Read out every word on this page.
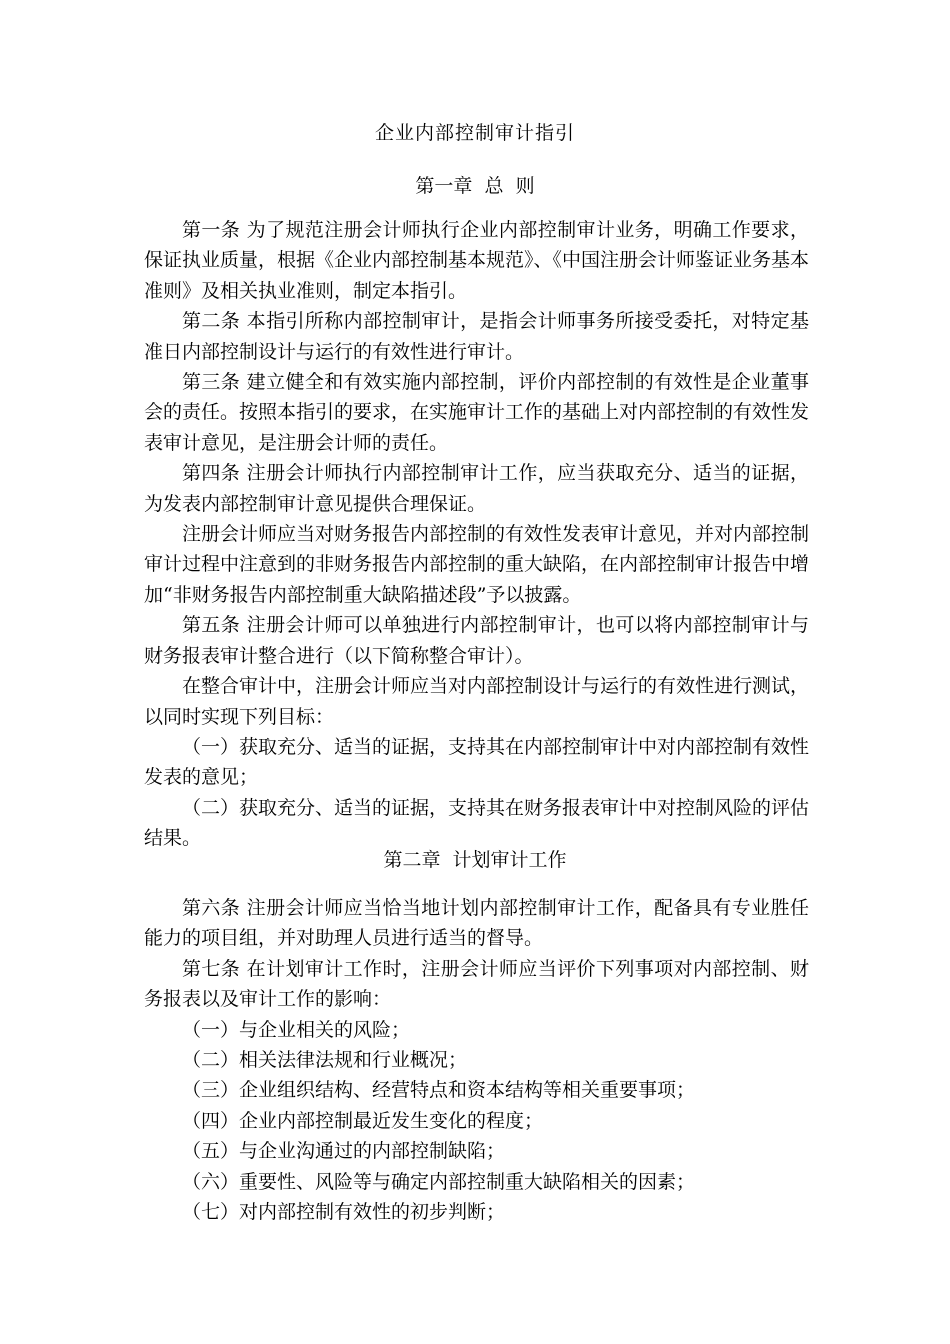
企业内部控制审计指引
第一章  总  则

第一条 为了规范注册会计师执行企业内部控制审计业务，明确工作要求，保证执业质量，根据《企业内部控制基本规范》、《中国注册会计师鉴证业务基本准则》及相关执业准则，制定本指引。

第二条 本指引所称内部控制审计，是指会计师事务所接受委托，对特定基准日内部控制设计与运行的有效性进行审计。

第三条 建立健全和有效实施内部控制，评价内部控制的有效性是企业董事会的责任。按照本指引的要求，在实施审计工作的基础上对内部控制的有效性发表审计意见，是注册会计师的责任。

第四条 注册会计师执行内部控制审计工作，应当获取充分、适当的证据，为发表内部控制审计意见提供合理保证。

注册会计师应当对财务报告内部控制的有效性发表审计意见，并对内部控制审计过程中注意到的非财务报告内部控制的重大缺陷，在内部控制审计报告中增加“非财务报告内部控制重大缺陷描述段”予以披露。

第五条 注册会计师可以单独进行内部控制审计，也可以将内部控制审计与财务报表审计整合进行（以下简称整合审计）。

在整合审计中，注册会计师应当对内部控制设计与运行的有效性进行测试，以同时实现下列目标：

（一）获取充分、适当的证据，支持其在内部控制审计中对内部控制有效性发表的意见；

（二）获取充分、适当的证据，支持其在财务报表审计中对控制风险的评估结果。

第二章  计划审计工作

第六条 注册会计师应当恰当地计划内部控制审计工作，配备具有专业胜任能力的项目组，并对助理人员进行适当的督导。

第七条 在计划审计工作时，注册会计师应当评价下列事项对内部控制、财务报表以及审计工作的影响：

（一）与企业相关的风险；

（二）相关法律法规和行业概况；

（三）企业组织结构、经营特点和资本结构等相关重要事项；

（四）企业内部控制最近发生变化的程度；

（五）与企业沟通过的内部控制缺陷；

（六）重要性、风险等与确定内部控制重大缺陷相关的因素；

（七）对内部控制有效性的初步判断；
